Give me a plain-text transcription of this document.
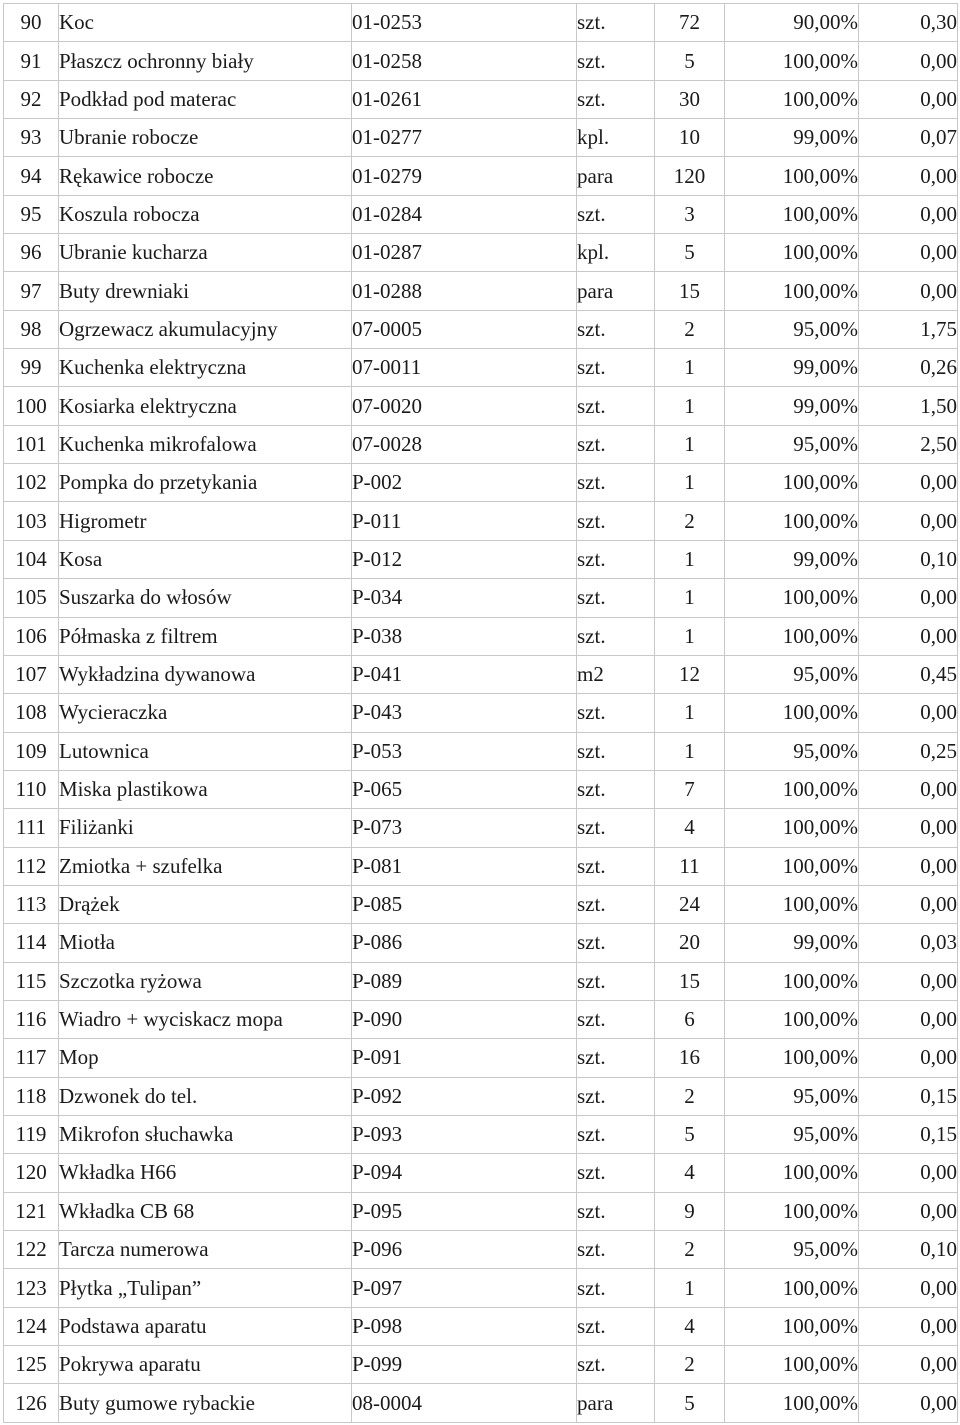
90	Koc	01-0253	szt.	72	90,00%	0,30
91	Płaszcz ochronny biały	01-0258	szt.	5	100,00%	0,00
92	Podkład pod materac	01-0261	szt.	30	100,00%	0,00
93	Ubranie robocze	01-0277	kpl.	10	99,00%	0,07
94	Rękawice robocze	01-0279	para	120	100,00%	0,00
95	Koszula robocza	01-0284	szt.	3	100,00%	0,00
96	Ubranie kucharza	01-0287	kpl.	5	100,00%	0,00
97	Buty drewniaki	01-0288	para	15	100,00%	0,00
98	Ogrzewacz akumulacyjny	07-0005	szt.	2	95,00%	1,75
99	Kuchenka elektryczna	07-0011	szt.	1	99,00%	0,26
100	Kosiarka elektryczna	07-0020	szt.	1	99,00%	1,50
101	Kuchenka mikrofalowa	07-0028	szt.	1	95,00%	2,50
102	Pompka do przetykania	P-002	szt.	1	100,00%	0,00
103	Higrometr	P-011	szt.	2	100,00%	0,00
104	Kosa	P-012	szt.	1	99,00%	0,10
105	Suszarka do włosów	P-034	szt.	1	100,00%	0,00
106	Półmaska z filtrem	P-038	szt.	1	100,00%	0,00
107	Wykładzina dywanowa	P-041	m2	12	95,00%	0,45
108	Wycieraczka	P-043	szt.	1	100,00%	0,00
109	Lutownica	P-053	szt.	1	95,00%	0,25
110	Miska plastikowa	P-065	szt.	7	100,00%	0,00
111	Filiżanki	P-073	szt.	4	100,00%	0,00
112	Zmiotka + szufelka	P-081	szt.	11	100,00%	0,00
113	Drążek	P-085	szt.	24	100,00%	0,00
114	Miotła	P-086	szt.	20	99,00%	0,03
115	Szczotka ryżowa	P-089	szt.	15	100,00%	0,00
116	Wiadro + wyciskacz mopa	P-090	szt.	6	100,00%	0,00
117	Mop	P-091	szt.	16	100,00%	0,00
118	Dzwonek do tel.	P-092	szt.	2	95,00%	0,15
119	Mikrofon słuchawka	P-093	szt.	5	95,00%	0,15
120	Wkładka H66	P-094	szt.	4	100,00%	0,00
121	Wkładka CB 68	P-095	szt.	9	100,00%	0,00
122	Tarcza numerowa	P-096	szt.	2	95,00%	0,10
123	Płytka „Tulipan”	P-097	szt.	1	100,00%	0,00
124	Podstawa aparatu	P-098	szt.	4	100,00%	0,00
125	Pokrywa aparatu	P-099	szt.	2	100,00%	0,00
126	Buty gumowe rybackie	08-0004	para	5	100,00%	0,00
